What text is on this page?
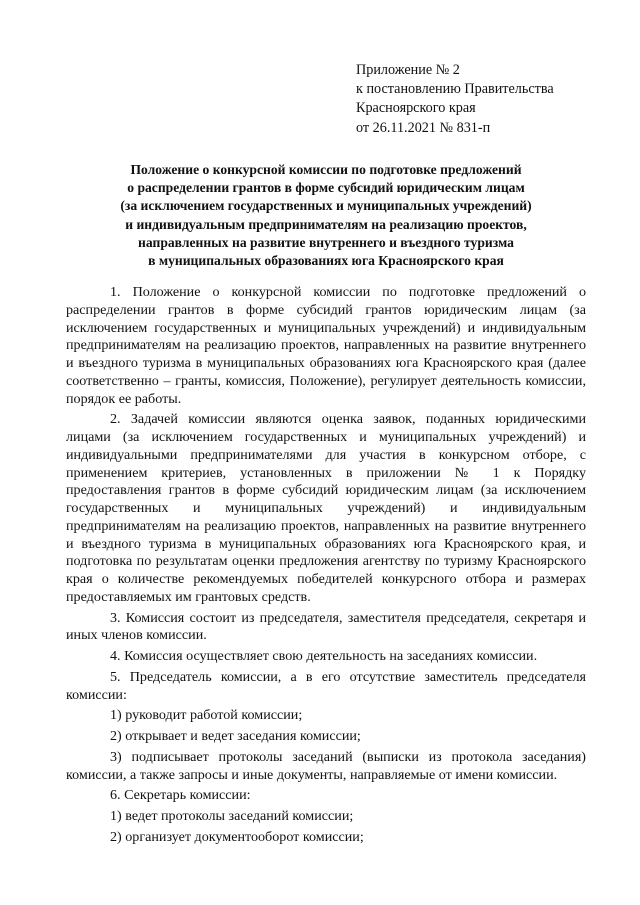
Приложение № 2
к постановлению Правительства
Красноярского края
от 26.11.2021 № 831-п
Положение о конкурсной комиссии по подготовке предложений
о распределении грантов в форме субсидий юридическим лицам
(за исключением государственных и муниципальных учреждений)
и индивидуальным предпринимателям на реализацию проектов,
направленных на развитие внутреннего и въездного туризма
в муниципальных образованиях юга Красноярского края

1. Положение о конкурсной комиссии по подготовке предложений о распределении грантов в форме субсидий грантов юридическим лицам (за исключением государственных и муниципальных учреждений) и индивидуальным предпринимателям на реализацию проектов, направленных на развитие внутреннего и въездного туризма в муниципальных образованиях юга Красноярского края (далее соответственно – гранты, комиссия, Положение), регулирует деятельность комиссии, порядок ее работы.

2. Задачей комиссии являются оценка заявок, поданных юридическими лицами (за исключением государственных и муниципальных учреждений) и индивидуальными предпринимателями для участия в конкурсном отборе, с применением критериев, установленных в приложении № 1 к Порядку предоставления грантов в форме субсидий юридическим лицам (за исключением государственных и муниципальных учреждений) и индивидуальным предпринимателям на реализацию проектов, направленных на развитие внутреннего и въездного туризма в муниципальных образованиях юга Красноярского края, и подготовка по результатам оценки предложения агентству по туризму Красноярского края о количестве рекомендуемых победителей конкурсного отбора и размерах предоставляемых им грантовых средств.

3. Комиссия состоит из председателя, заместителя председателя, секретаря и иных членов комиссии.

4. Комиссия осуществляет свою деятельность на заседаниях комиссии.

5. Председатель комиссии, а в его отсутствие заместитель председателя комиссии:

1) руководит работой комиссии;

2) открывает и ведет заседания комиссии;

3) подписывает протоколы заседаний (выписки из протокола заседания) комиссии, а также запросы и иные документы, направляемые от имени комиссии.

6. Секретарь комиссии:

1) ведет протоколы заседаний комиссии;

2) организует документооборот комиссии;
